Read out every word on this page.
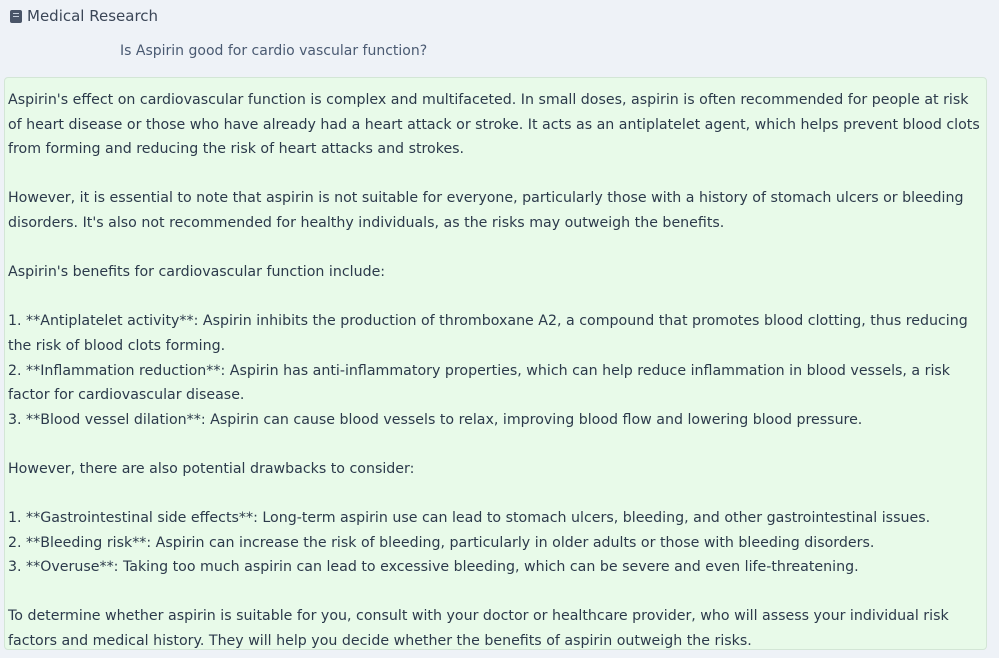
Medical Research
Is Aspirin good for cardio vascular function?

Aspirin's effect on cardiovascular function is complex and multifaceted. In small doses, aspirin is often recommended for people at risk of heart disease or those who have already had a heart attack or stroke. It acts as an antiplatelet agent, which helps prevent blood clots from forming and reducing the risk of heart attacks and strokes.

However, it is essential to note that aspirin is not suitable for everyone, particularly those with a history of stomach ulcers or bleeding disorders. It's also not recommended for healthy individuals, as the risks may outweigh the benefits.

Aspirin's benefits for cardiovascular function include:

1. **Antiplatelet activity**: Aspirin inhibits the production of thromboxane A2, a compound that promotes blood clotting, thus reducing the risk of blood clots forming.
2. **Inflammation reduction**: Aspirin has anti-inflammatory properties, which can help reduce inflammation in blood vessels, a risk factor for cardiovascular disease.
3. **Blood vessel dilation**: Aspirin can cause blood vessels to relax, improving blood flow and lowering blood pressure.

However, there are also potential drawbacks to consider:

1. **Gastrointestinal side effects**: Long-term aspirin use can lead to stomach ulcers, bleeding, and other gastrointestinal issues.
2. **Bleeding risk**: Aspirin can increase the risk of bleeding, particularly in older adults or those with bleeding disorders.
3. **Overuse**: Taking too much aspirin can lead to excessive bleeding, which can be severe and even life-threatening.

To determine whether aspirin is suitable for you, consult with your doctor or healthcare provider, who will assess your individual risk factors and medical history. They will help you decide whether the benefits of aspirin outweigh the risks.
